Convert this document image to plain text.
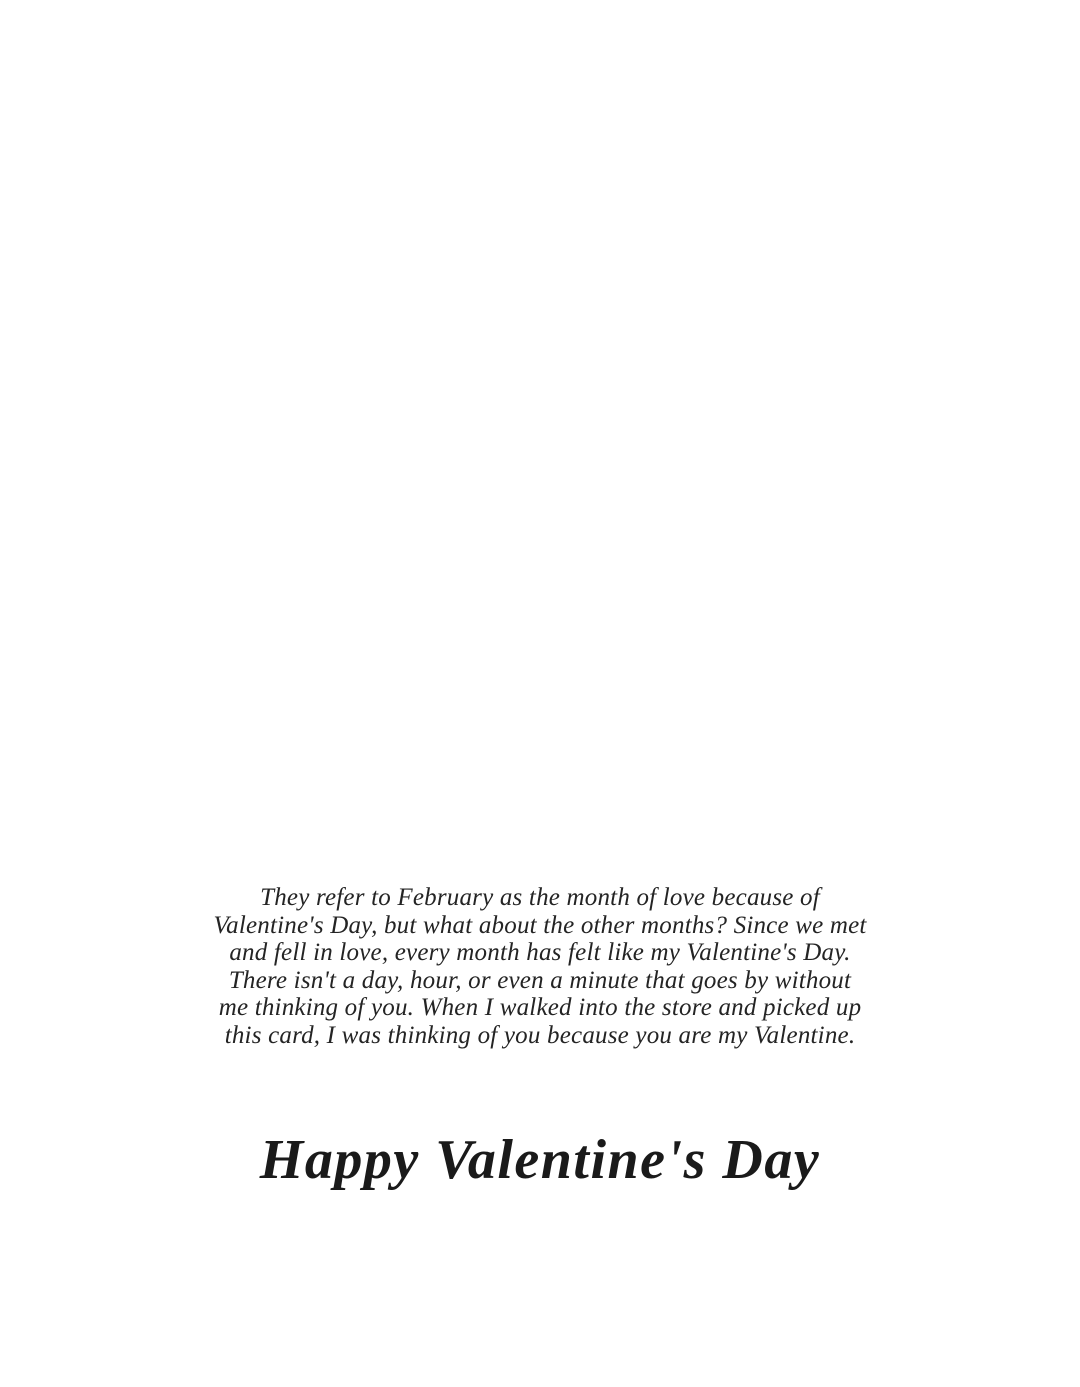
They refer to February as the month of love because of
Valentine's Day, but what about the other months? Since we met
and fell in love, every month has felt like my Valentine's Day.
There isn't a day, hour, or even a minute that goes by without
me thinking of you. When I walked into the store and picked up
this card, I was thinking of you because you are my Valentine.
Happy Valentine's Day
